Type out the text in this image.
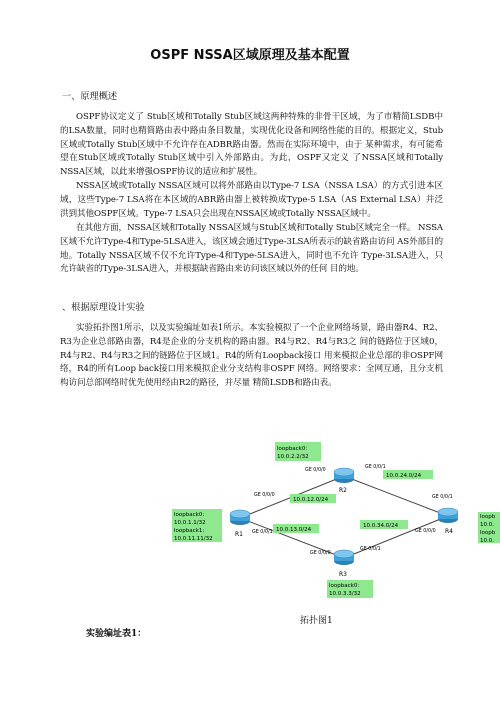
OSPF NSSA区域原理及基本配置

一、原理概述

OSPF协议定义了 Stub区域和Totally Stub区域这两种特殊的非骨干区域，为了市精简LSDB中的LSA数量，同时也精简路由表中路由条目数量，实现优化设备和网络性能的目的。根据定义，Stub区域或Totally Stub区域中不允许存在ADBR路由器。然而在实际环境中，由于 某种需求，有可能希望在Stub区域或Totally Stub区域中引入外部路由。为此，OSPF又定义 了NSSA区域和Totally NSSA区域，以此来增强OSPF协议的适应和扩展性。

NSSA区域或Totally NSSA区域可以将外部路由以Type-7 LSA（NSSA LSA）的方式引进本区 域，这些Type-7 LSA将在本区域的ABR路由器上被转换成Type-5 LSA（AS External LSA）并泛 洪到其他OSPF区域。Type-7 LSA只会出现在NSSA区域或Totally NSSA区域中。

在其他方面，NSSA区域和Totally NSSA区域与Stub区域和Totally Stub区域完全一样。 NSSA区域不允许Type-4和Type-5LSA进入，该区域会通过Type-3LSA所表示的缺省路由访问 AS外部目的地。Totally NSSA区域不仅不允许Type-4和Type-5LSA进入，同时也不允许 Type-3LSA进入，只允许缺省的Type-3LSA进入，并根据缺省路由来访问该区域以外的任何 目的地。

、根据原理设计实验

实验拓扑图1所示，以及实验编址如表1所示。本实验模拟了一个企业网络场景，路由器R4、R2、R3为企业总部路由器，R4是企业的分支机构的路由器。R4与R2、R4与R3之 间的链路位于区域0，R4与R2、R4与R3之间的链路位于区域1。R4的所有Loopback接口 用来模拟企业总部的非OSPF网络，R4的所有Loop back接口用来模拟企业分支结构非OSPF 网络。网络要求：全网互通，且分支机构访问总部网络时优先使用经由R2的路径，并尽量 精简LSDB和路由表。

loopback0:
10.0.2.2/32
loopback0:
10.0.1.1/32
loopback1:
10.0.11.11/32
loopback0:
10.0.3.3/32
loopb
10.0.
loopb
10.0.
10.0.12.0/24
10.0.13.0/24
10.0.24.0/24
10.0.34.0/24
GE 0/0/0
GE 0/0/1
GE 0/0/0
GE 0/0/1
GE 0/0/0
GE 0/0/1
GE 0/0/1
GE 0/0/0
R2
R1
R3
R4

拓扑图1

实验编址表1：
